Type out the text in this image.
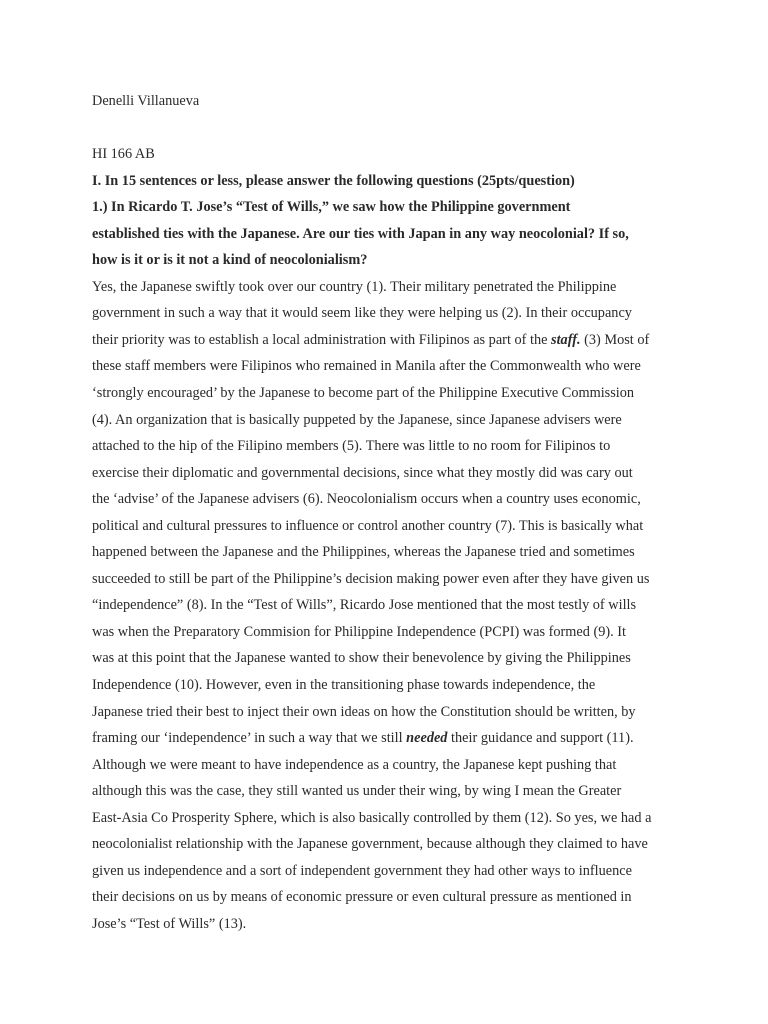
Denelli Villanueva

HI 166 AB

I. In 15 sentences or less, please answer the following questions (25pts/question)

1.) In Ricardo T. Jose’s “Test of Wills,” we saw how the Philippine government

established ties with the Japanese. Are our ties with Japan in any way neocolonial? If so,

how is it or is it not a kind of neocolonialism?

Yes, the Japanese swiftly took over our country (1). Their military penetrated the Philippine

government in such a way that it would seem like they were helping us (2). In their occupancy

their priority was to establish a local administration with Filipinos as part of the staff. (3) Most of

these staff members were Filipinos who remained in Manila after the Commonwealth who were

‘strongly encouraged’ by the Japanese to become part of the Philippine Executive Commission

(4). An organization that is basically puppeted by the Japanese, since Japanese advisers were

attached to the hip of the Filipino members (5). There was little to no room for Filipinos to

exercise their diplomatic and governmental decisions, since what they mostly did was cary out

the ‘advise’ of the Japanese advisers (6). Neocolonialism occurs when a country uses economic,

political and cultural pressures to influence or control another country (7). This is basically what

happened between the Japanese and the Philippines, whereas the Japanese tried and sometimes

succeeded to still be part of the Philippine’s decision making power even after they have given us

“independence” (8). In the “Test of Wills”, Ricardo Jose mentioned that the most testly of wills

was when the Preparatory Commision for Philippine Independence (PCPI) was formed (9). It

was at this point that the Japanese wanted to show their benevolence by giving the Philippines

Independence (10). However, even in the transitioning phase towards independence, the

Japanese tried their best to inject their own ideas on how the Constitution should be written, by

framing our ‘independence’ in such a way that we still needed their guidance and support (11).

Although we were meant to have independence as a country, the Japanese kept pushing that

although this was the case, they still wanted us under their wing, by wing I mean the Greater

East-Asia Co Prosperity Sphere, which is also basically controlled by them (12). So yes, we had a

neocolonialist relationship with the Japanese government, because although they claimed to have

given us independence and a sort of independent government they had other ways to influence

their decisions on us by means of economic pressure or even cultural pressure as mentioned in

Jose’s “Test of Wills” (13).
